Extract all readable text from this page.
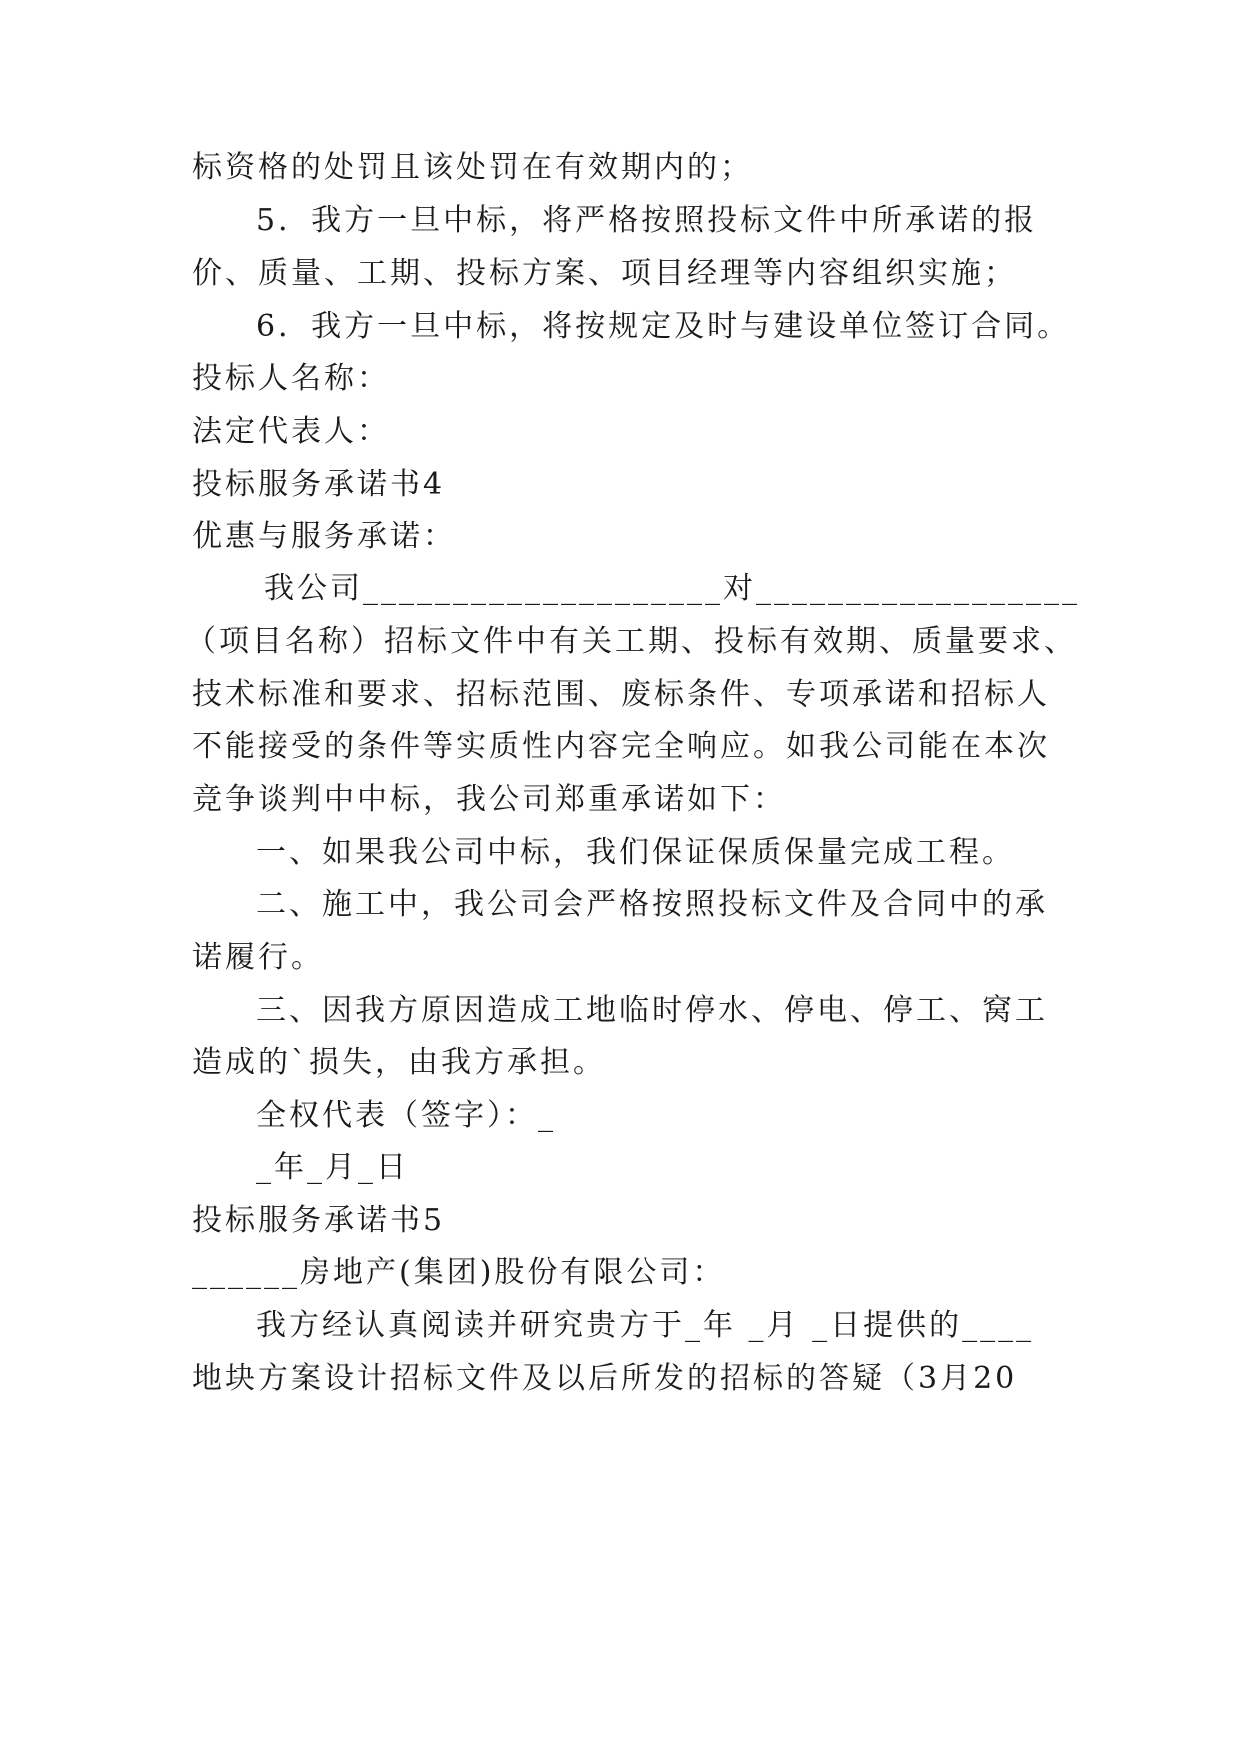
标资格的处罚且该处罚在有效期内的；
5．我方一旦中标，将严格按照投标文件中所承诺的报
价、质量、工期、投标方案、项目经理等内容组织实施；
6．我方一旦中标，将按规定及时与建设单位签订合同。
投标人名称：
法定代表人：
投标服务承诺书4
优惠与服务承诺：
我公司____________________对__________________
（项目名称）招标文件中有关工期、投标有效期、质量要求、
技术标准和要求、招标范围、废标条件、专项承诺和招标人
不能接受的条件等实质性内容完全响应。如我公司能在本次
竞争谈判中中标，我公司郑重承诺如下：
一、如果我公司中标，我们保证保质保量完成工程。
二、施工中，我公司会严格按照投标文件及合同中的承
诺履行。
三、因我方原因造成工地临时停水、停电、停工、窝工
造成的`损失，由我方承担。
全权代表（签字）：_
_年_月_日
投标服务承诺书5
______房地产(集团)股份有限公司：
我方经认真阅读并研究贵方于_年 _月 _日提供的____
地块方案设计招标文件及以后所发的招标的答疑（3月20
